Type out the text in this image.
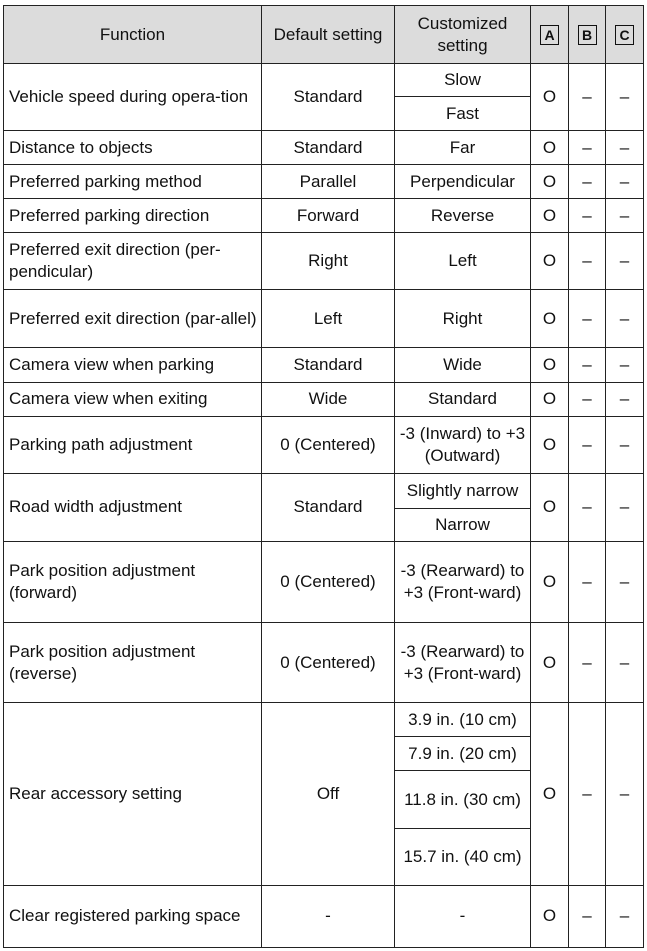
Function	Default setting	Customized setting	A	B	C
Vehicle speed during opera-tion	Standard	Slow	O	–	–
		Fast			
Distance to objects	Standard	Far	O	–	–
Preferred parking method	Parallel	Perpendicular	O	–	–
Preferred parking direction	Forward	Reverse	O	–	–
Preferred exit direction (per-pendicular)	Right	Left	O	–	–
Preferred exit direction (par-allel)	Left	Right	O	–	–
Camera view when parking	Standard	Wide	O	–	–
Camera view when exiting	Wide	Standard	O	–	–
Parking path adjustment	0 (Centered)	-3 (Inward) to +3 (Outward)	O	–	–
Road width adjustment	Standard	Slightly narrow	O	–	–
		Narrow			
Park position adjustment (forward)	0 (Centered)	-3 (Rearward) to +3 (Front-ward)	O	–	–
Park position adjustment (reverse)	0 (Centered)	-3 (Rearward) to +3 (Front-ward)	O	–	–
Rear accessory setting	Off	3.9 in. (10 cm)	O	–	–
		7.9 in. (20 cm)			
		11.8 in. (30 cm)			
		15.7 in. (40 cm)			
Clear registered parking space	-	-	O	–	–
